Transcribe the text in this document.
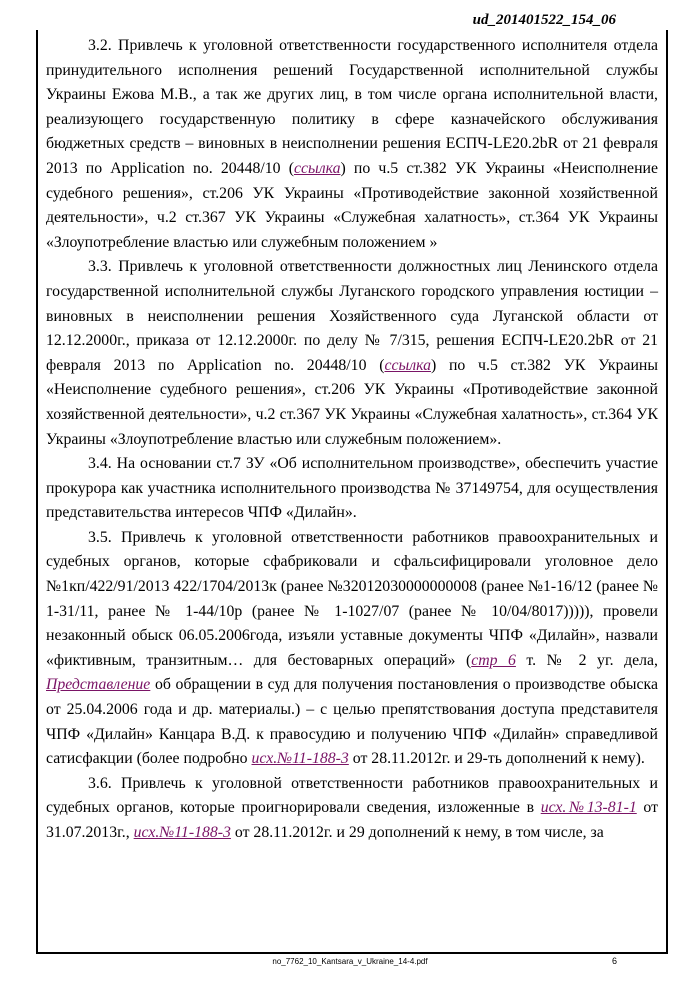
ud_201401522_154_06

3.2. Привлечь к уголовной ответственности государственного исполнителя отдела принудительного исполнения решений Государственной исполнительной службы Украины Ежова М.В., а так же других лиц, в том числе органа исполнительной власти, реализующего государственную политику в сфере казначейского обслуживания бюджетных средств – виновных в неисполнении решения ЕСПЧ-LE20.2bR от 21 февраля 2013 по Application no. 20448/10 (ссылка) по ч.5 ст.382 УК Украины «Неисполнение судебного решения», ст.206 УК Украины «Противодействие законной хозяйственной деятельности», ч.2 ст.367 УК Украины «Служебная халатность», ст.364 УК Украины «Злоупотребление властью или служебным положением »

3.3. Привлечь к уголовной ответственности должностных лиц Ленинского отдела государственной исполнительной службы Луганского городского управления юстиции – виновных в неисполнении решения Хозяйственного суда Луганской области от 12.12.2000г., приказа от 12.12.2000г. по делу № 7/315, решения ЕСПЧ-LE20.2bR от 21 февраля 2013 по Application no. 20448/10 (ссылка) по ч.5 ст.382 УК Украины «Неисполнение судебного решения», ст.206 УК Украины «Противодействие законной хозяйственной деятельности», ч.2 ст.367 УК Украины «Служебная халатность», ст.364 УК Украины «Злоупотребление властью или служебным положением».

3.4. На основании ст.7 ЗУ «Об исполнительном производстве», обеспечить участие прокурора как участника исполнительного производства № 37149754, для осуществления представительства интересов ЧПФ «Дилайн».

3.5. Привлечь к уголовной ответственности работников правоохранительных и судебных органов, которые сфабриковали и сфальсифицировали уголовное дело №1кп/422/91/2013 422/1704/2013к (ранее №32012030000000008 (ранее №1-16/12 (ранее № 1-31/11, ранее № 1-44/10р (ранее № 1-1027/07 (ранее № 10/04/8017))))), провели незаконный обыск 06.05.2006года, изъяли уставные документы ЧПФ «Дилайн», назвали «фиктивным, транзитным… для бестоварных операций» (стр 6 т. № 2 уг. дела, Представление об обращении в суд для получения постановления о производстве обыска от 25.04.2006 года и др. материалы.) – с целью препятствования доступа представителя ЧПФ «Дилайн» Канцара В.Д. к правосудию и получению ЧПФ «Дилайн» справедливой сатисфакции (более подробно исх.№11-188-3 от 28.11.2012г. и 29-ть дополнений к нему).

3.6. Привлечь к уголовной ответственности работников правоохранительных и судебных органов, которые проигнорировали сведения, изложенные в исх.№13-81-1 от 31.07.2013г., исх.№11-188-3 от 28.11.2012г. и 29 дополнений к нему, в том числе, за

no_7762_10_Kantsara_v_Ukraine_14-4.pdf	6
